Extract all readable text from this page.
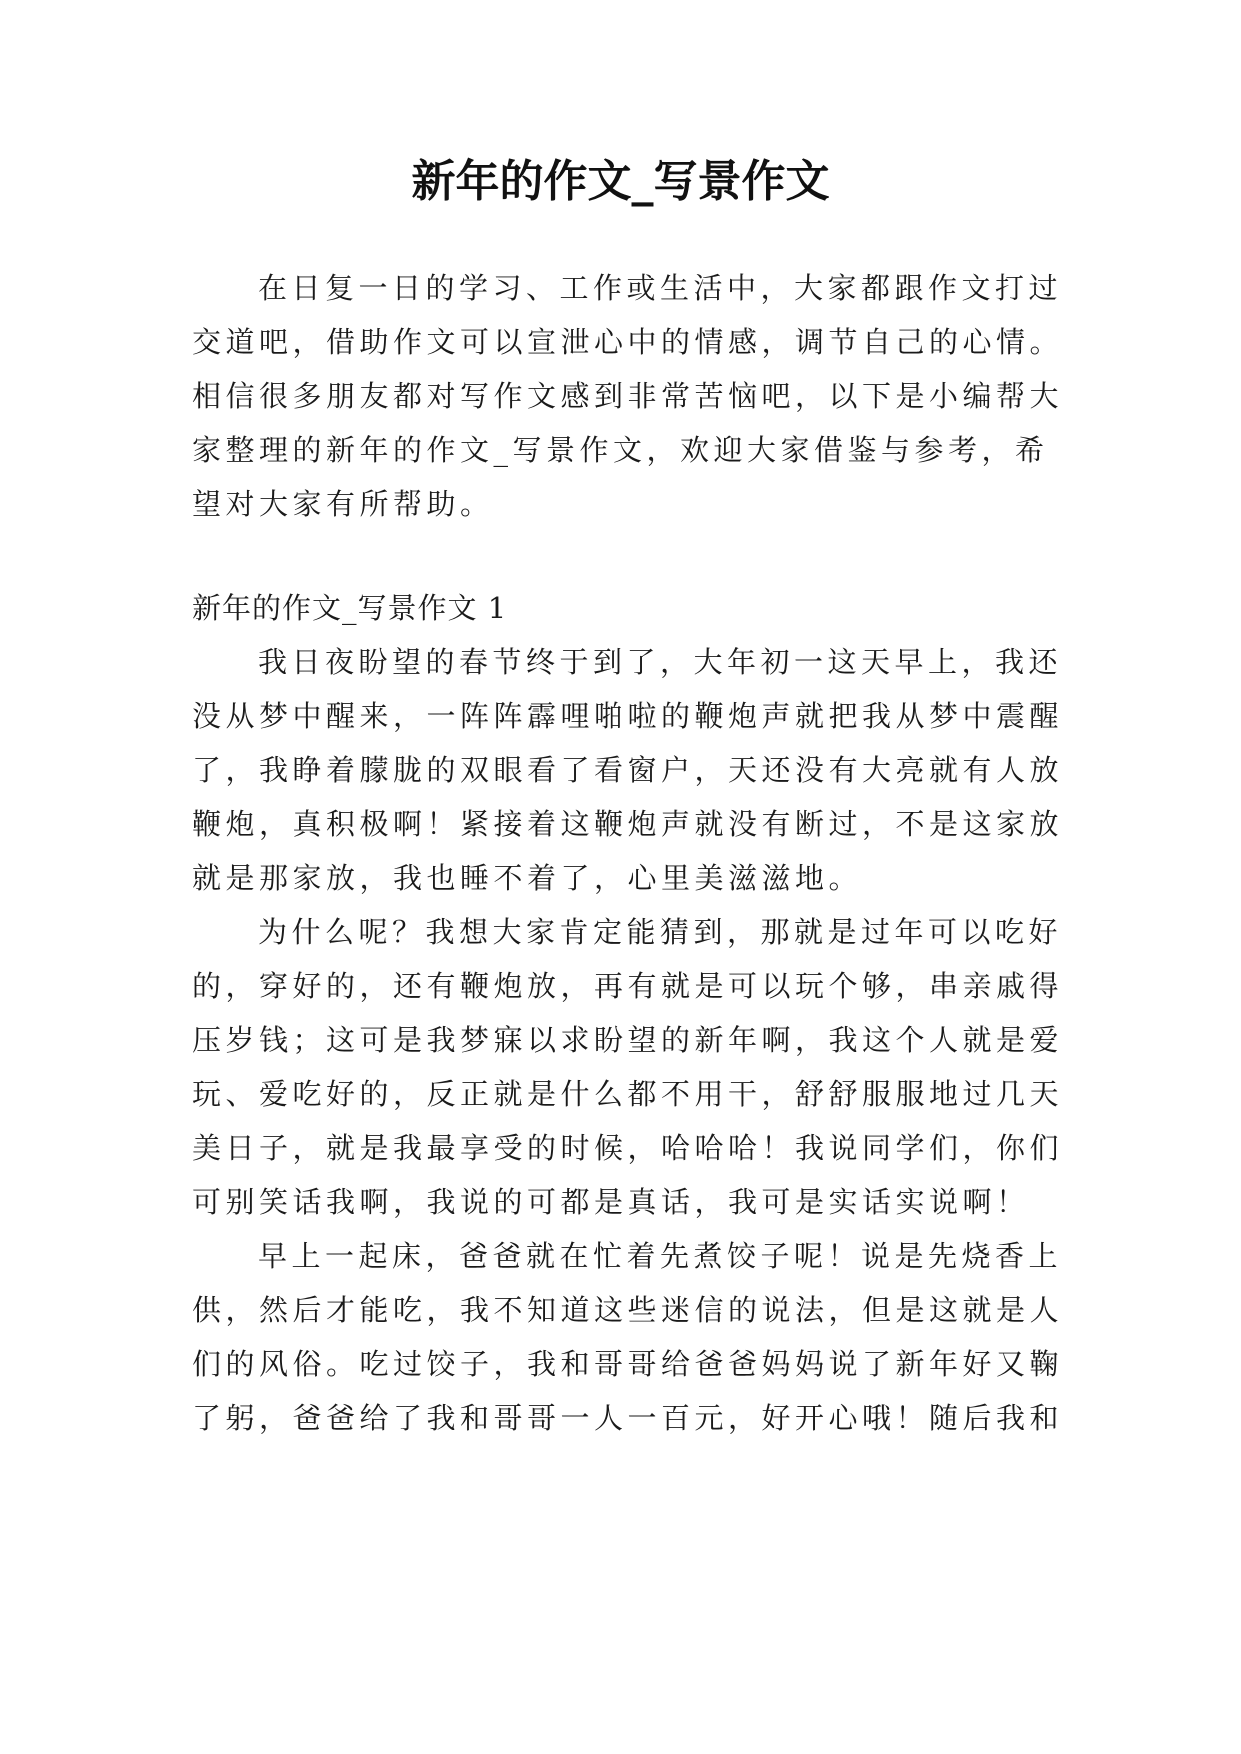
新年的作文_写景作文
在日复一日的学习、工作或生活中，大家都跟作文打过
交道吧，借助作文可以宣泄心中的情感，调节自己的心情。
相信很多朋友都对写作文感到非常苦恼吧，以下是小编帮大
家整理的新年的作文_写景作文，欢迎大家借鉴与参考，希
望对大家有所帮助。
新年的作文_写景作文 1
我日夜盼望的春节终于到了，大年初一这天早上，我还
没从梦中醒来，一阵阵霹哩啪啦的鞭炮声就把我从梦中震醒
了，我睁着朦胧的双眼看了看窗户，天还没有大亮就有人放
鞭炮，真积极啊！紧接着这鞭炮声就没有断过，不是这家放
就是那家放，我也睡不着了，心里美滋滋地。
为什么呢？我想大家肯定能猜到，那就是过年可以吃好
的，穿好的，还有鞭炮放，再有就是可以玩个够，串亲戚得
压岁钱；这可是我梦寐以求盼望的新年啊，我这个人就是爱
玩、爱吃好的，反正就是什么都不用干，舒舒服服地过几天
美日子，就是我最享受的时候，哈哈哈！我说同学们，你们
可别笑话我啊，我说的可都是真话，我可是实话实说啊！
早上一起床，爸爸就在忙着先煮饺子呢！说是先烧香上
供，然后才能吃，我不知道这些迷信的说法，但是这就是人
们的风俗。吃过饺子，我和哥哥给爸爸妈妈说了新年好又鞠
了躬，爸爸给了我和哥哥一人一百元，好开心哦！随后我和
